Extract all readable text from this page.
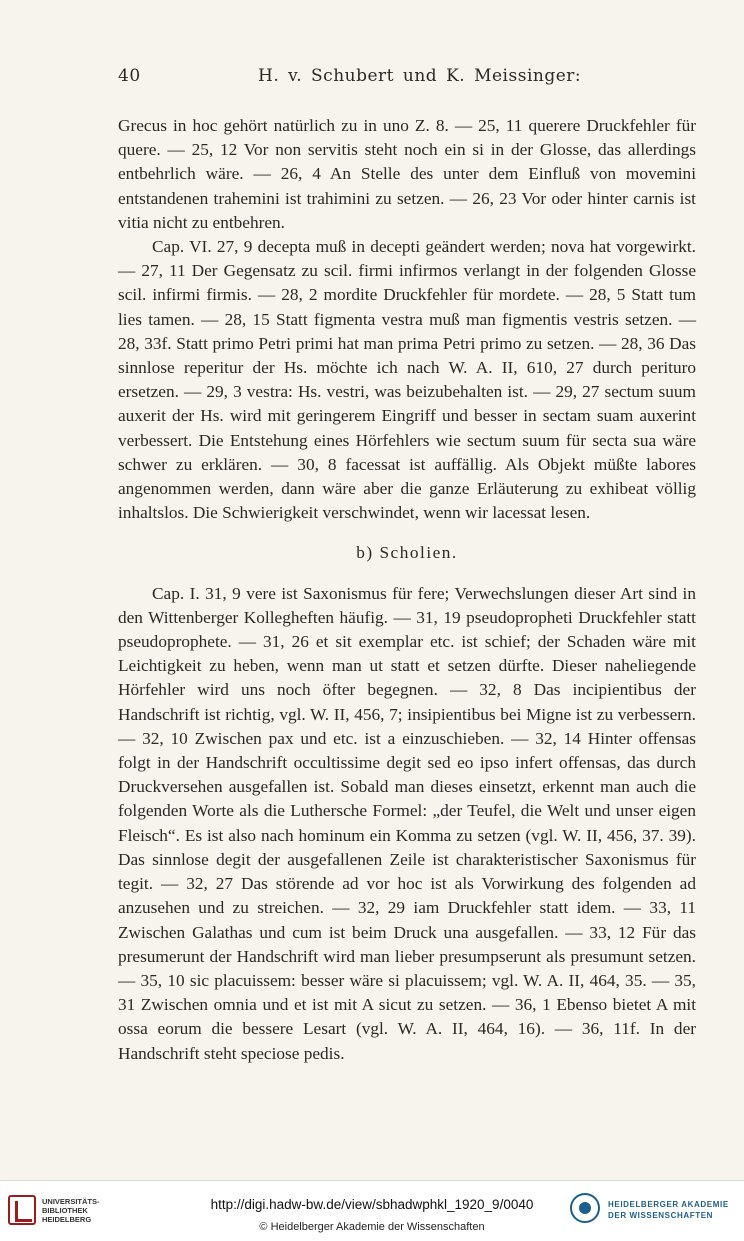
40	H. v. Schubert und K. Meissinger:

Grecus in hoc gehört natürlich zu in uno Z. 8. — 25, 11 querere Druckfehler für quere. — 25, 12 Vor non servitis steht noch ein si in der Glosse, das allerdings entbehrlich wäre. — 26, 4 An Stelle des unter dem Einfluß von movemini entstandenen trahemini ist trahimini zu setzen. — 26, 23 Vor oder hinter carnis ist vitia nicht zu entbehren.

Cap. VI. 27, 9 decepta muß in decepti geändert werden; nova hat vorgewirkt. — 27, 11 Der Gegensatz zu scil. firmi infirmos verlangt in der folgenden Glosse scil. infirmi firmis. — 28, 2 mordite Druckfehler für mordete. — 28, 5 Statt tum lies tamen. — 28, 15 Statt figmenta vestra muß man figmentis vestris setzen. — 28, 33f. Statt primo Petri primi hat man prima Petri primo zu setzen. — 28, 36 Das sinnlose reperitur der Hs. möchte ich nach W. A. II, 610, 27 durch perituro ersetzen. — 29, 3 vestra: Hs. vestri, was beizubehalten ist. — 29, 27 sectum suum auxerit der Hs. wird mit geringerem Eingriff und besser in sectam suam auxerint verbessert. Die Entstehung eines Hörfehlers wie sectum suum für secta sua wäre schwer zu erklären. — 30, 8 facessat ist auffällig. Als Objekt müßte labores angenommen werden, dann wäre aber die ganze Erläuterung zu exhibeat völlig inhaltslos. Die Schwierigkeit verschwindet, wenn wir lacessat lesen.

b) Scholien.

Cap. I. 31, 9 vere ist Saxonismus für fere; Verwechslungen dieser Art sind in den Wittenberger Kollegheften häufig. — 31, 19 pseudopropheti Druckfehler statt pseudoprophete. — 31, 26 et sit exemplar etc. ist schief; der Schaden wäre mit Leichtigkeit zu heben, wenn man ut statt et setzen dürfte. Dieser naheliegende Hörfehler wird uns noch öfter begegnen. — 32, 8 Das incipientibus der Handschrift ist richtig, vgl. W. II, 456, 7; insipientibus bei Migne ist zu verbessern. — 32, 10 Zwischen pax und etc. ist a einzuschieben. — 32, 14 Hinter offensas folgt in der Handschrift occultissime degit sed eo ipso infert offensas, das durch Druckversehen ausgefallen ist. Sobald man dieses einsetzt, erkennt man auch die folgenden Worte als die Luthersche Formel: „der Teufel, die Welt und unser eigen Fleisch“. Es ist also nach hominum ein Komma zu setzen (vgl. W. II, 456, 37. 39). Das sinnlose degit der ausgefallenen Zeile ist charakteristischer Saxonismus für tegit. — 32, 27 Das störende ad vor hoc ist als Vorwirkung des folgenden ad anzusehen und zu streichen. — 32, 29 iam Druckfehler statt idem. — 33, 11 Zwischen Galathas und cum ist beim Druck una ausgefallen. — 33, 12 Für das presumerunt der Handschrift wird man lieber presumpserunt als presumunt setzen. — 35, 10 sic placuissem: besser wäre si placuissem; vgl. W. A. II, 464, 35. — 35, 31 Zwischen omnia und et ist mit A sicut zu setzen. — 36, 1 Ebenso bietet A mit ossa eorum die bessere Lesart (vgl. W. A. II, 464, 16). — 36, 11f. In der Handschrift steht speciose pedis.

UNIVERSITÄTS-
BIBLIOTHEK
HEIDELBERG
http://digi.hadw-bw.de/view/sbhadwphkl_1920_9/0040
© Heidelberger Akademie der Wissenschaften
HEIDELBERGER AKADEMIE
DER WISSENSCHAFTEN
